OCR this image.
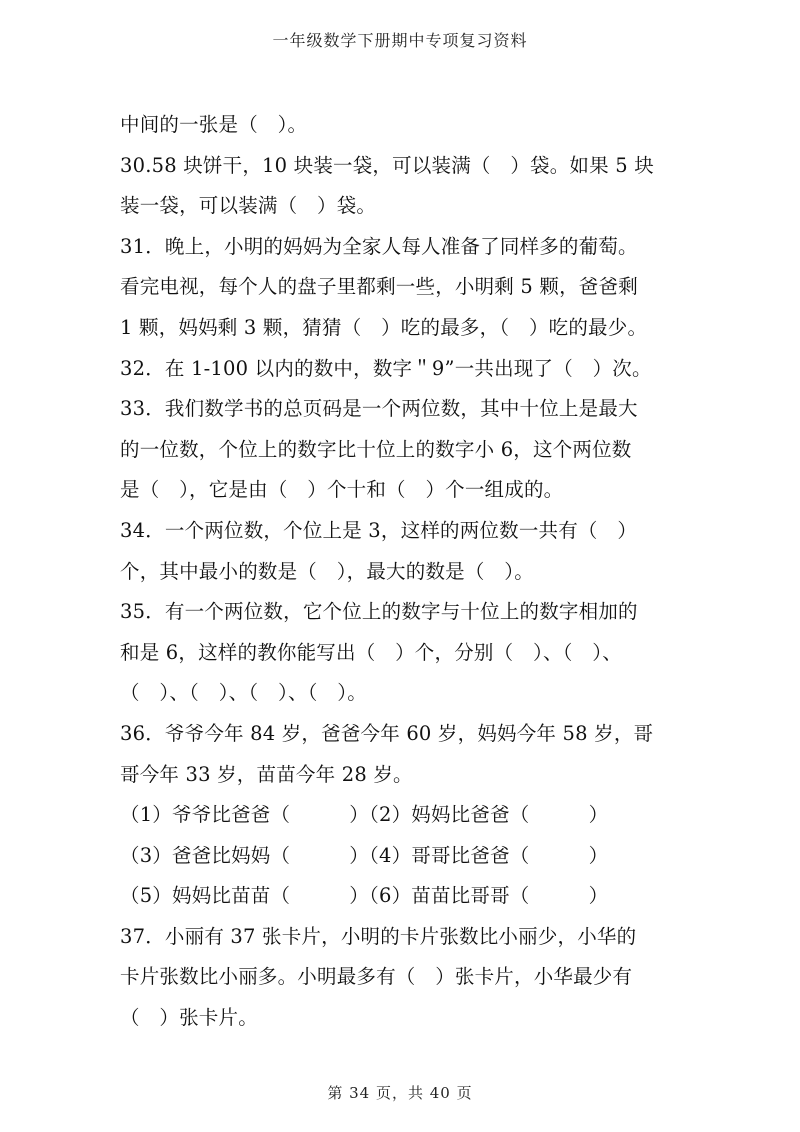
一年级数学下册期中专项复习资料
中间的一张是（　）。
30.58 块饼干，10 块装一袋，可以装满（　）袋。如果 5 块
装一袋，可以装满（　）袋。
31．晚上，小明的妈妈为全家人每人准备了同样多的葡萄。
看完电视，每个人的盘子里都剩一些，小明剩 5 颗，爸爸剩
1 颗，妈妈剩 3 颗，猜猜（　）吃的最多，（　）吃的最少。
32．在 1-100 以内的数中，数字＂9”一共出现了（　）次。
33．我们数学书的总页码是一个两位数，其中十位上是最大
的一位数，个位上的数字比十位上的数字小 6，这个两位数
是（　），它是由（　）个十和（　）个一组成的。
34．一个两位数，个位上是 3，这样的两位数一共有（　）
个，其中最小的数是（　），最大的数是（　）。
35．有一个两位数，它个位上的数字与十位上的数字相加的
和是 6，这样的教你能写出（　）个，分别（　）、（　）、
（　）、（　）、（　）、（　）。
36．爷爷今年 84 岁，爸爸今年 60 岁，妈妈今年 58 岁，哥
哥今年 33 岁，苗苗今年 28 岁。
（1）爷爷比爸爸（　　　）（2）妈妈比爸爸（　　　）
（3）爸爸比妈妈（　　　）（4）哥哥比爸爸（　　　）
（5）妈妈比苗苗（　　　）（6）苗苗比哥哥（　　　）
37．小丽有 37 张卡片，小明的卡片张数比小丽少，小华的
卡片张数比小丽多。小明最多有（　）张卡片，小华最少有
（　）张卡片。
第 34 页，共 40 页
